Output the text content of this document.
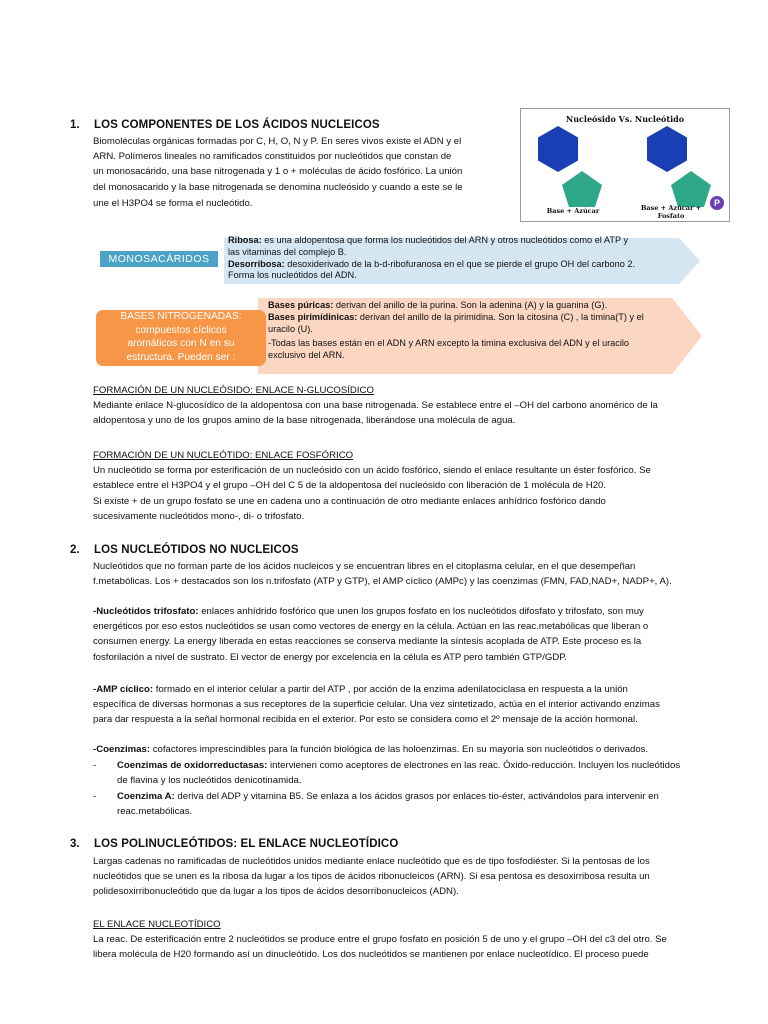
1. LOS COMPONENTES DE LOS ÁCIDOS NUCLEICOS

Biomoléculas orgánicas formadas por C, H, O, N y P. En seres vivos existe el ADN y el

ARN. Polímeros lineales no ramificados constituidos por nucleótidos que constan de

un monosacárido, una base nitrogenada y 1 o + moléculas de ácido fosfórico. La unión

del monosacarido y la base nitrogenada se denomina nucleósido y cuando a este se le

une el H3PO4 se forma el nucleótido.

Nucleósido Vs. Nucleótido
P
Base + Azúcar	Base + Azúcar +
Fosfato
MONOSACÁRIDOS

Ribosa: es una aldopentosa que forma los nucleótidos del ARN y otros nucleótidos como el ATP y

las vitaminas del complejo B.

Desorribosa: desoxiderivado de la b-d-ribofuranosa en el que se pierde el grupo OH del carbono 2.

Forma los nucleótidos del ADN.

BASES NITROGENADAS:
compuestos cíclicos
aromáticos con N en su
estructura. Pueden ser :

Bases púricas: derivan del anillo de la purina. Son la adenina (A) y la guanina (G).

Bases pirimídinicas: derivan del anillo de la pirimidina. Son la citosina (C) , la timina(T) y el

uracilo (U).

-Todas las bases están en el ADN y ARN excepto la timina exclusiva del ADN y el uracilo

exclusivo del ARN.

FORMACIÓN DE UN NUCLEÓSIDO: ENLACE N-GLUCOSÍDICO

Mediante enlace N-glucosídico de la aldopentosa con una base nitrogenada. Se establece entre el –OH del carbono anomérico de la

aldopentosa y uno de los grupos amino de la base nitrogenada, liberándose una molécula de agua.

FORMACIÓN DE UN NUCLEÓTIDO: ENLACE FOSFÓRICO

Un nucleótido se forma por esterificación de un nucleósido con un ácido fosfórico, siendo el enlace resultante un éster fosfórico. Se

establece entre el H3PO4 y el grupo –OH del C 5 de la aldopentosa del nucleósido con liberación de 1 molécula de H20.

Si existe + de un grupo fosfato se une en cadena uno a continuación de otro mediante enlaces anhídrico fosfórico dando

sucesivamente nucleótidos mono-, di- o trifosfato.

2. LOS NUCLEÓTIDOS NO NUCLEICOS

Nucleótidos que no forman parte de los ácidos nucleicos y se encuentran libres en el citoplasma celular, en el que desempeñan

f.metabólicas. Los + destacados son los n.trifosfato (ATP y GTP), el AMP cíclico (AMPc) y las coenzimas (FMN, FAD,NAD+, NADP+, A).

-Nucleótidos trifosfato: enlaces anhídrido fosfórico que unen los grupos fosfato en los nucleótidos difosfato y trifosfato, son muy

energéticos por eso estos nucleótidos se usan como vectores de energy en la célula. Actúan en las reac.metabólicas que liberan o

consumen energy. La energy liberada en estas reacciones se conserva mediante la síntesis acoplada de ATP. Este proceso es la

fosforilación a nivel de sustrato. El vector de energy por excelencia en la célula es ATP pero también GTP/GDP.

-AMP cíclico: formado en el interior celular a partir del ATP , por acción de la enzima adenilatociclasa en respuesta a la unión

específica de diversas hormonas a sus receptores de la superficie celular. Una vez sintetizado, actúa en el interior activando enzimas

para dar respuesta a la señal hormonal recibida en el exterior. Por esto se considera como el 2º mensaje de la acción hormonal.

-Coenzimas: cofactores imprescindibles para la función biológica de las holoenzimas. En su mayoría son nucleótidos o derivados.

- Coenzimas de oxidorreductasas: intervienen como aceptores de electrones en las reac. Óxido-reducción. Incluyen los nucleótidos

de flavina y los nucleótidos denicotinamida.

- Coenzima A: deriva del ADP y vitamina B5. Se enlaza a los ácidos grasos por enlaces tio-éster, activándolos para intervenir en

reac.metabólicas.

3. LOS POLINUCLEÓTIDOS: EL ENLACE NUCLEOTÍDICO

Largas cadenas no ramificadas de nucleótidos unidos mediante enlace nucleótido que es de tipo fosfodiéster. Si la pentosas de los

nucleótidos que se unen es la ribosa da lugar a los tipos de ácidos ribonucleicos (ARN). Si esa pentosa es desoxirribosa resulta un

polidesoxirribonucleótido que da lugar a los tipos de ácidos desorribonucleicos (ADN).

EL ENLACE NUCLEOTÍDICO

La reac. De esterificación entre 2 nucleótidos se produce entre el grupo fosfato en posición 5 de uno y el grupo –OH del c3 del otro. Se

libera molécula de H20 formando así un dinucleótido. Los dos nucleótidos se mantienen por enlace nucleotídico. El proceso puede
